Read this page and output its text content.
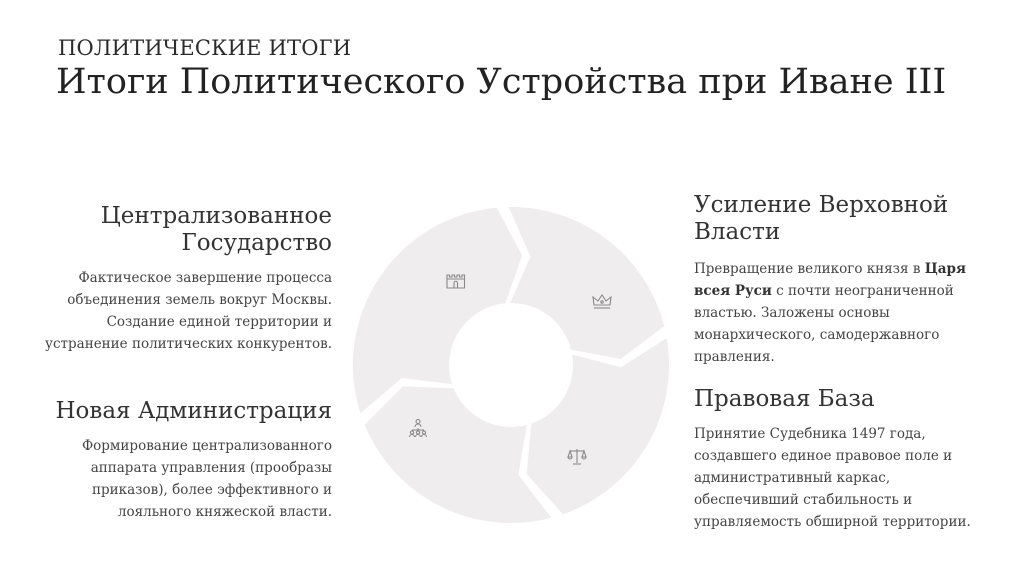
ПОЛИТИЧЕСКИЕ ИТОГИ
Итоги Политического Устройства при Иване III
Централизованное
Государство

Фактическое завершение процесса объединения земель вокруг Москвы. Создание единой территории и устранение политических конкурентов.

Новая Администрация

Формирование централизованного аппарата управления (прообразы приказов), более эффективного и лояльного княжеской власти.

Усиление Верховной
Власти

Превращение великого князя в Царя всея Руси с почти неограниченной властью. Заложены основы монархического, самодержавного правления.

Правовая База

Принятие Судебника 1497 года, создавшего единое правовое поле и административный каркас, обеспечивший стабильность и управляемость обширной территории.
